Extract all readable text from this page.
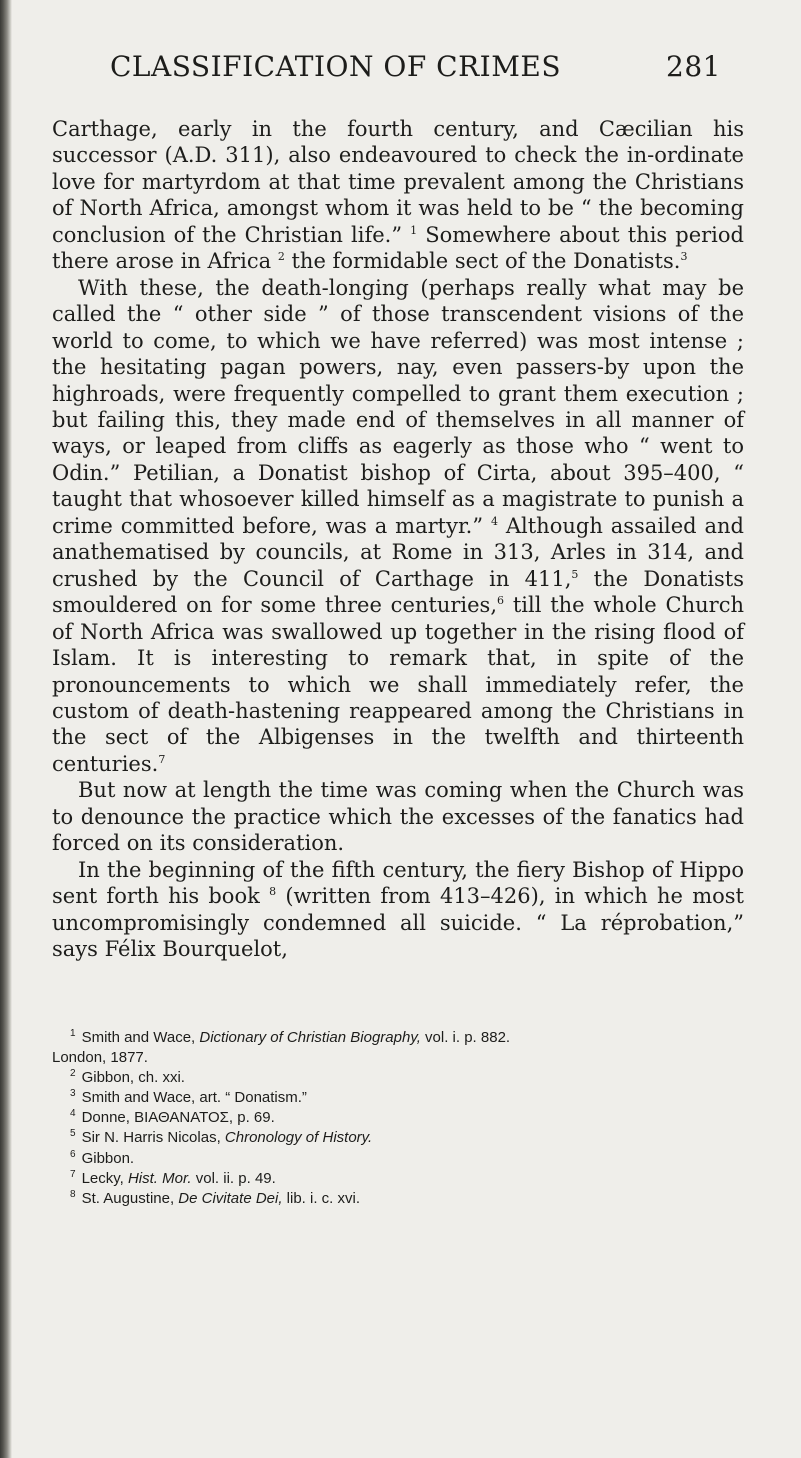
CLASSIFICATION OF CRIMES	281

Carthage, early in the fourth century, and Cæcilian his successor (A.D. 311), also endeavoured to check the in-ordinate love for martyrdom at that time prevalent among the Christians of North Africa, amongst whom it was held to be “ the becoming conclusion of the Christian life.” $^1$ Somewhere about this period there arose in Africa $^2$ the formidable sect of the Donatists.$^3$

With these, the death-longing (perhaps really what may be called the “ other side ” of those transcendent visions of the world to come, to which we have referred) was most intense ; the hesitating pagan powers, nay, even passers-by upon the highroads, were frequently compelled to grant them execution ; but failing this, they made end of themselves in all manner of ways, or leaped from cliffs as eagerly as those who “ went to Odin.” Petilian, a Donatist bishop of Cirta, about 395–400, “ taught that whosoever killed himself as a magistrate to punish a crime committed before, was a martyr.” $^4$ Although assailed and anathematised by councils, at Rome in 313, Arles in 314, and crushed by the Council of Carthage in 411,$^5$ the Donatists smouldered on for some three centuries,$^6$ till the whole Church of North Africa was swallowed up together in the rising flood of Islam. It is interesting to remark that, in spite of the pronouncements to which we shall immediately refer, the custom of death-hastening reappeared among the Christians in the sect of the Albigenses in the twelfth and thirteenth centuries.$^7$

But now at length the time was coming when the Church was to denounce the practice which the excesses of the fanatics had forced on its consideration.

In the beginning of the fifth century, the fiery Bishop of Hippo sent forth his book $^8$ (written from 413–426), in which he most uncompromisingly condemned all suicide. “ La réprobation,” says Félix Bourquelot,

$^1$ Smith and Wace, Dictionary of Christian Biography, vol. i. p. 882.

London, 1877.

$^2$ Gibbon, ch. xxi.

$^3$ Smith and Wace, art. “ Donatism.”

$^4$ Donne, ΒΙΑΘΑΝΑΤΟΣ, p. 69.

$^5$ Sir N. Harris Nicolas, Chronology of History.

$^6$ Gibbon.

$^7$ Lecky, Hist. Mor. vol. ii. p. 49.

$^8$ St. Augustine, De Civitate Dei, lib. i. c. xvi.
